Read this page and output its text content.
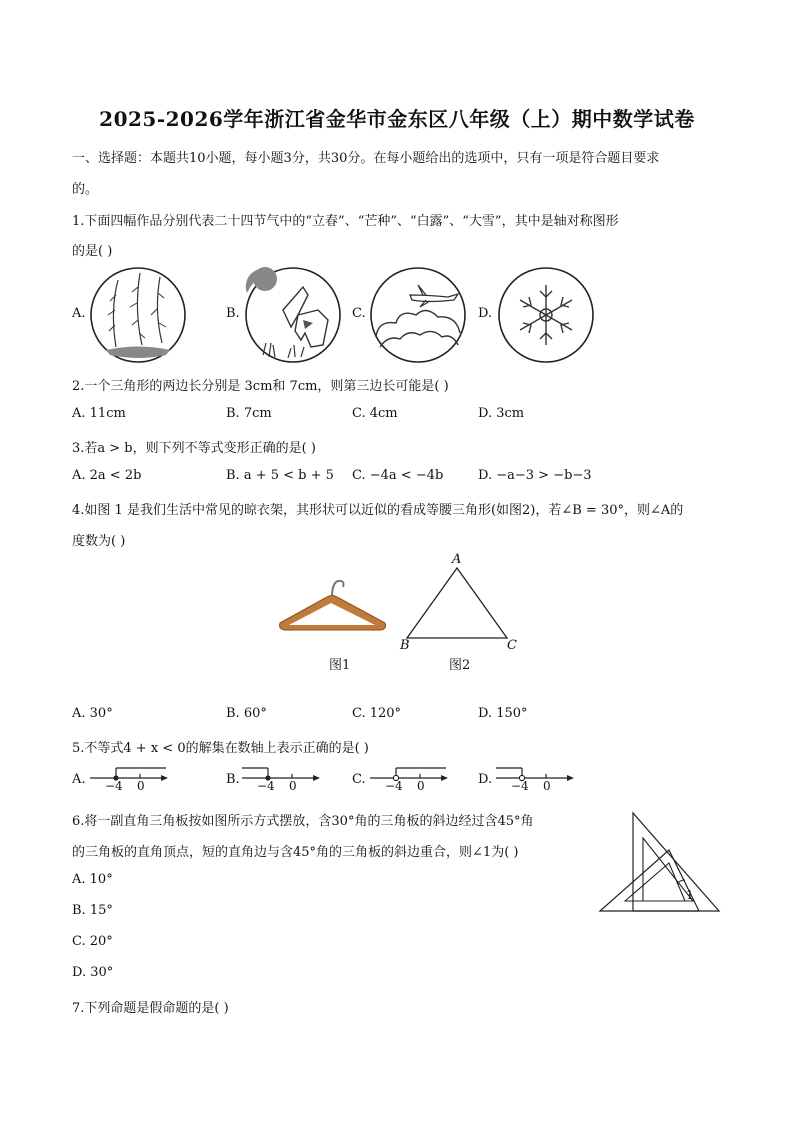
2025-2026学年浙江省金华市金东区八年级（上）期中数学试卷
一、选择题：本题共10小题，每小题3分，共30分。在每小题给出的选项中，只有一项是符合题目要求
的。
1.下面四幅作品分别代表二十四节气中的“立春”、“芒种”、“白露”、“大雪”，其中是轴对称图形
的是( )
A.	B.	C.	D.
2.一个三角形的两边长分别是 3cm和 7cm，则第三边长可能是( )
A. 11cm	B. 7cm	C. 4cm	D. 3cm
3.若a > b，则下列不等式变形正确的是( )
A. 2a < 2b	B. a + 5 < b + 5 C. −4a < −4b	D. −a−3 > −b−3
4.如图 1 是我们生活中常见的晾衣架，其形状可以近似的看成等腰三角形(如图2)，若∠B = 30°，则∠A的
度数为( )
图1
A
B	C
图2
A. 30°	B. 60°	C. 120°	D. 150°
5.不等式4 + x < 0的解集在数轴上表示正确的是( )
A. −4 0	B. −4 0	C. −4 0	D. −4 0
6.将一副直角三角板按如图所示方式摆放，含30°角的三角板的斜边经过含45°角
的三角板的直角顶点，短的直角边与含45°角的三角板的斜边重合，则∠1为( )
1
A. 10°
B. 15°
C. 20°
D. 30°
7.下列命题是假命题的是( )
